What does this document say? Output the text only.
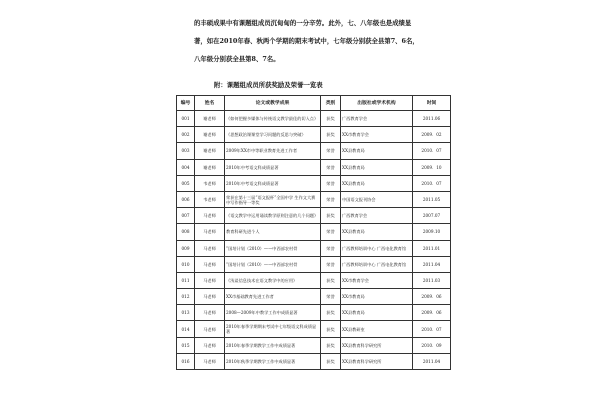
的丰硕成果中有课题组成员沉甸甸的一分辛劳。此外，七、八年级也是成绩显
著，如在2010年春、秋两个学期的期末考试中，七年级分别获全县第7、6名，
八年级分别获全县第8、7名。
附：课题组成员所获奖励及荣誉一览表
编号	姓名	论文或教学成果	类别	出版社或学术机构	时间
001	谢老师	《如何把握多媒体与传统语文教学最佳的切入点》	获奖	广西教育学会	2011.06
002	谢老师	《思想政治课课堂学习问题的反思与突破》	获奖	XX市教育学会	2009．02
003	谢老师	2009年XX市中等职业教育先进工作者	荣誉	XX县教育局	2010．07
004	谢老师	2010年中考语文科成绩显著	荣誉	XX县教育局	2009．10
005	韦老师	2010年中考语文科成绩显著	荣誉	XX县教育局	2010．07
006	韦老师	荣获在第十三届“语文报杯”全国中学 生作文大赛中写作指导一等奖	荣誉	中国语文报刊协会	2011.05
007	马老师	《语文教学中运用诵读教学原则注意的几个问题》	获奖	广西教育学会	2007.07
008	马老师	教育科研先进个人	荣誉	XX县教育局	2009.10
009	马老师	“国培计划（2010）——中西部农村骨	荣誉	广西教师培训中心 广西电化教育馆	2011.01
010	马老师	“国培计划（2010）——中西部农村骨	荣誉	广西教师培训中心 广西电化教育馆	2011.04
011	马老师	《浅谈信息技术在语文教学中的应用》	获奖	XX市教育学会	2011.03
012	马老师	XX市基础教育先进工作者	荣誉	XX市教育局	2009．06
013	马老师	2008—2009年中教学工作中成绩显著	获奖	XX县教育局	2009．06
014	马老师	2010年春季学期期末考试中七年级语文科成绩显著	获奖	XX县教研室	2010．07
015	马老师	2010年春季学期教学工作中成绩显著	获奖	XX县教育科学研究所	2010．09
016	马老师	2010年秋季学期教学工作中成绩显著	获奖	XX县教育科学研究所	2011.04
